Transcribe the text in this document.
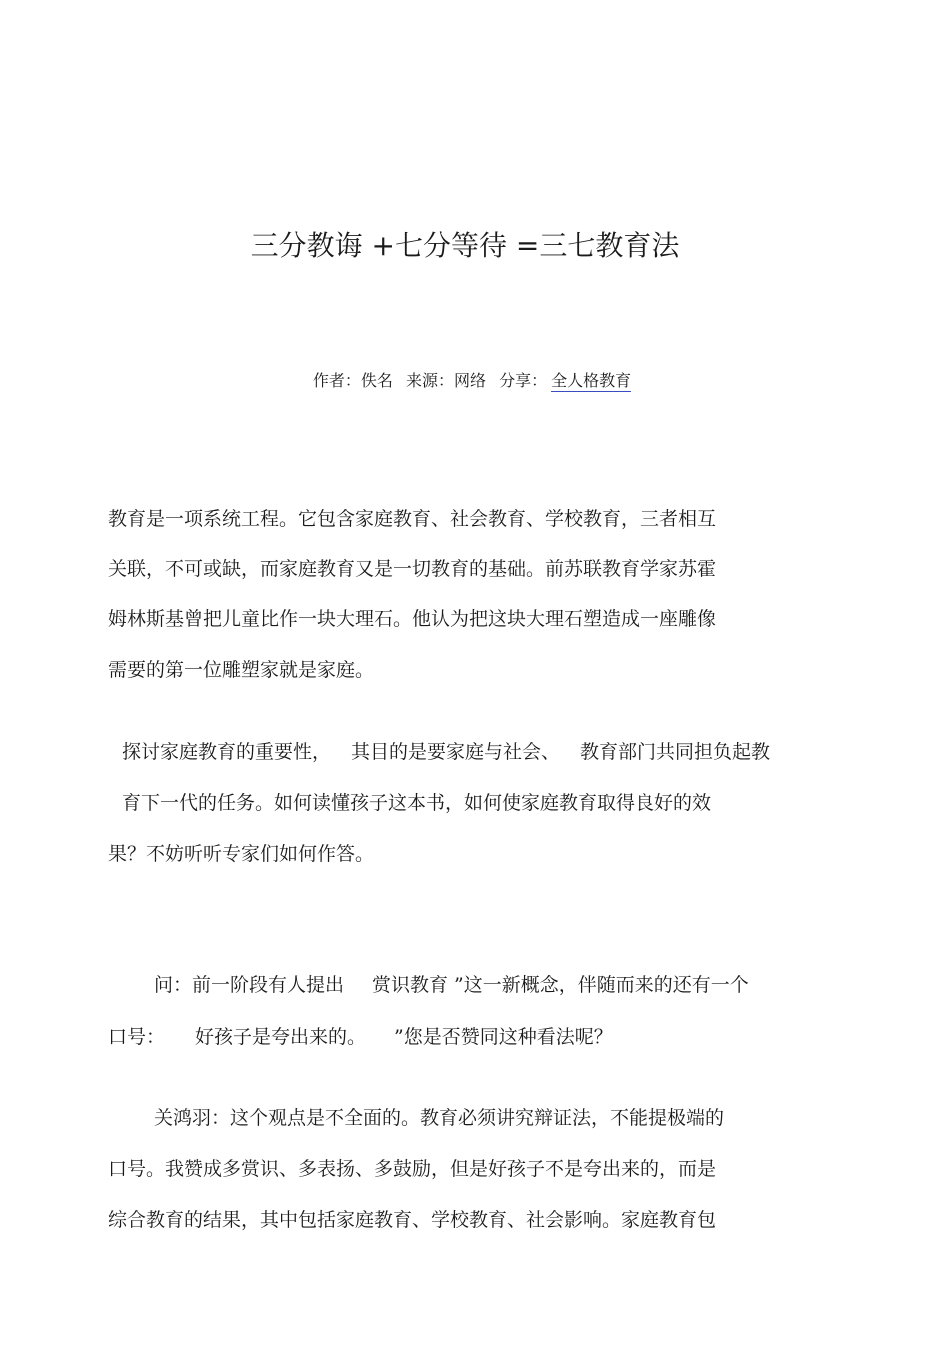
三分教诲 +七分等待 =三七教育法
作者：佚名 来源：网络 分享： 全人格教育
教育是一项系统工程。它包含家庭教育、社会教育、学校教育，三者相互
关联，不可或缺，而家庭教育又是一切教育的基础。前苏联教育学家苏霍
姆林斯基曾把儿童比作一块大理石。他认为把这块大理石塑造成一座雕像
需要的第一位雕塑家就是家庭。
探讨家庭教育的重要性， 其目的是要家庭与社会、 教育部门共同担负起教
育下一代的任务。如何读懂孩子这本书，如何使家庭教育取得良好的效
果？不妨听听专家们如何作答。
问：前一阶段有人提出 赏识教育 ”这一新概念，伴随而来的还有一个
口号： 好孩子是夸出来的。 ”您是否赞同这种看法呢？
关鸿羽：这个观点是不全面的。教育必须讲究辩证法，不能提极端的
口号。我赞成多赏识、多表扬、多鼓励，但是好孩子不是夸出来的，而是
综合教育的结果，其中包括家庭教育、学校教育、社会影响。家庭教育包
